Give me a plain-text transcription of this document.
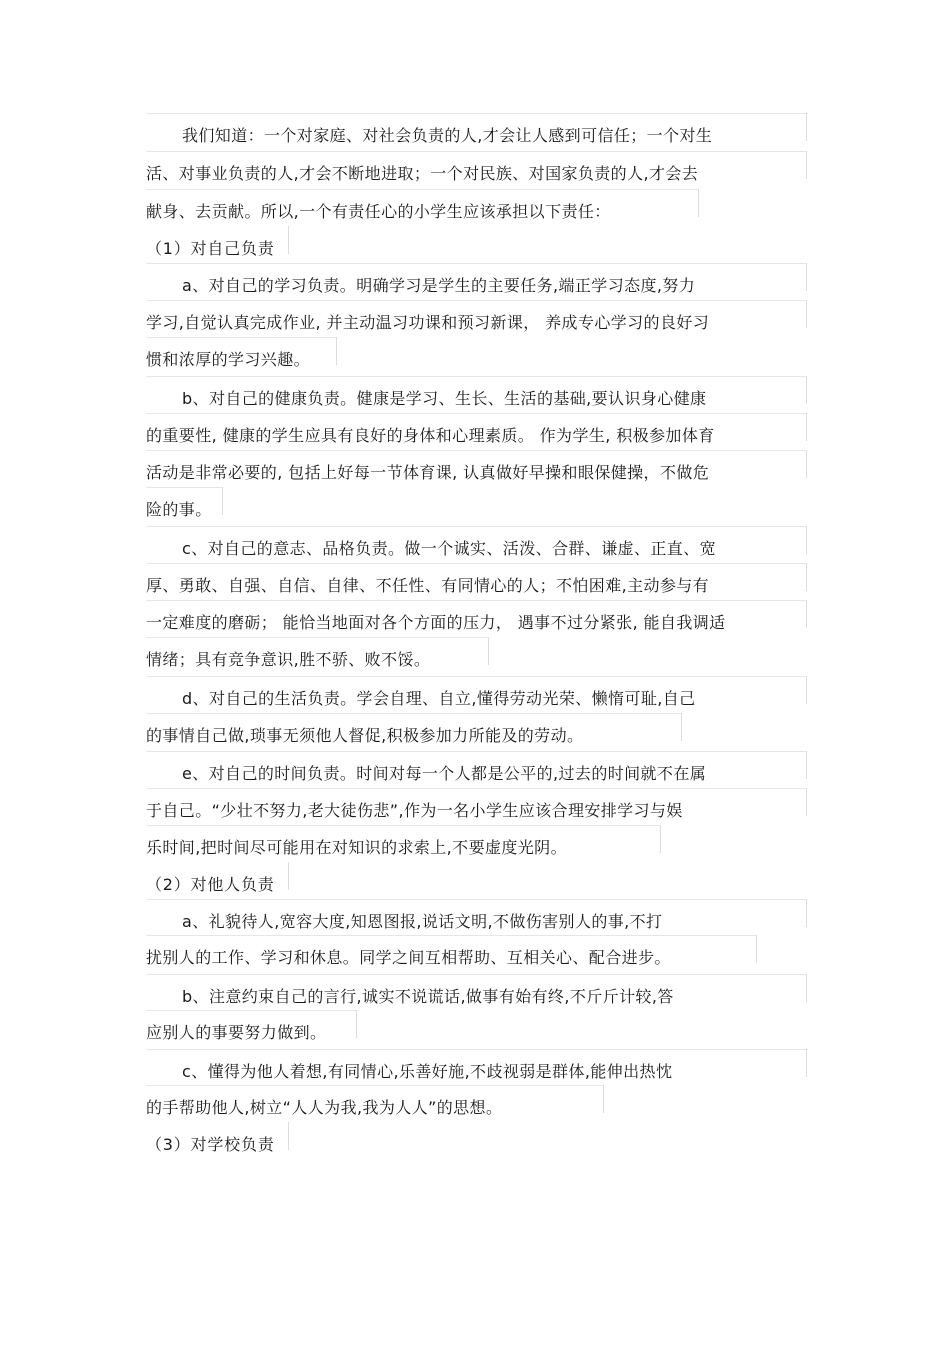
我们知道：一个对家庭、对社会负责的人,才会让人感到可信任；一个对生
活、对事业负责的人,才会不断地进取；一个对民族、对国家负责的人,才会去
献身、去贡献。所以,一个有责任心的小学生应该承担以下责任：
（1）对自己负责
a、对自己的学习负责。明确学习是学生的主要任务,端正学习态度,努力
学习,自觉认真完成作业, 并主动温习功课和预习新课， 养成专心学习的良好习
惯和浓厚的学习兴趣。
b、对自己的健康负责。健康是学习、生长、生活的基础,要认识身心健康
的重要性, 健康的学生应具有良好的身体和心理素质。 作为学生, 积极参加体育
活动是非常必要的, 包括上好每一节体育课, 认真做好早操和眼保健操，不做危
险的事。
c、对自己的意志、品格负责。做一个诚实、活泼、合群、谦虚、正直、宽
厚、勇敢、自强、自信、自律、不任性、有同情心的人；不怕困难,主动参与有
一定难度的磨砺； 能恰当地面对各个方面的压力， 遇事不过分紧张, 能自我调适
情绪；具有竞争意识,胜不骄、败不馁。
d、对自己的生活负责。学会自理、自立,懂得劳动光荣、懒惰可耻,自己
的事情自己做,琐事无须他人督促,积极参加力所能及的劳动。
e、对自己的时间负责。时间对每一个人都是公平的,过去的时间就不在属
于自己。“少壮不努力,老大徒伤悲”,作为一名小学生应该合理安排学习与娱
乐时间,把时间尽可能用在对知识的求索上,不要虚度光阴。
（2）对他人负责
a、礼貌待人,宽容大度,知恩图报,说话文明,不做伤害别人的事,不打
扰别人的工作、学习和休息。同学之间互相帮助、互相关心、配合进步。
b、注意约束自己的言行,诚实不说谎话,做事有始有终,不斤斤计较,答
应别人的事要努力做到。
c、懂得为他人着想,有同情心,乐善好施,不歧视弱是群体,能伸出热忱
的手帮助他人,树立“人人为我,我为人人”的思想。
（3）对学校负责
